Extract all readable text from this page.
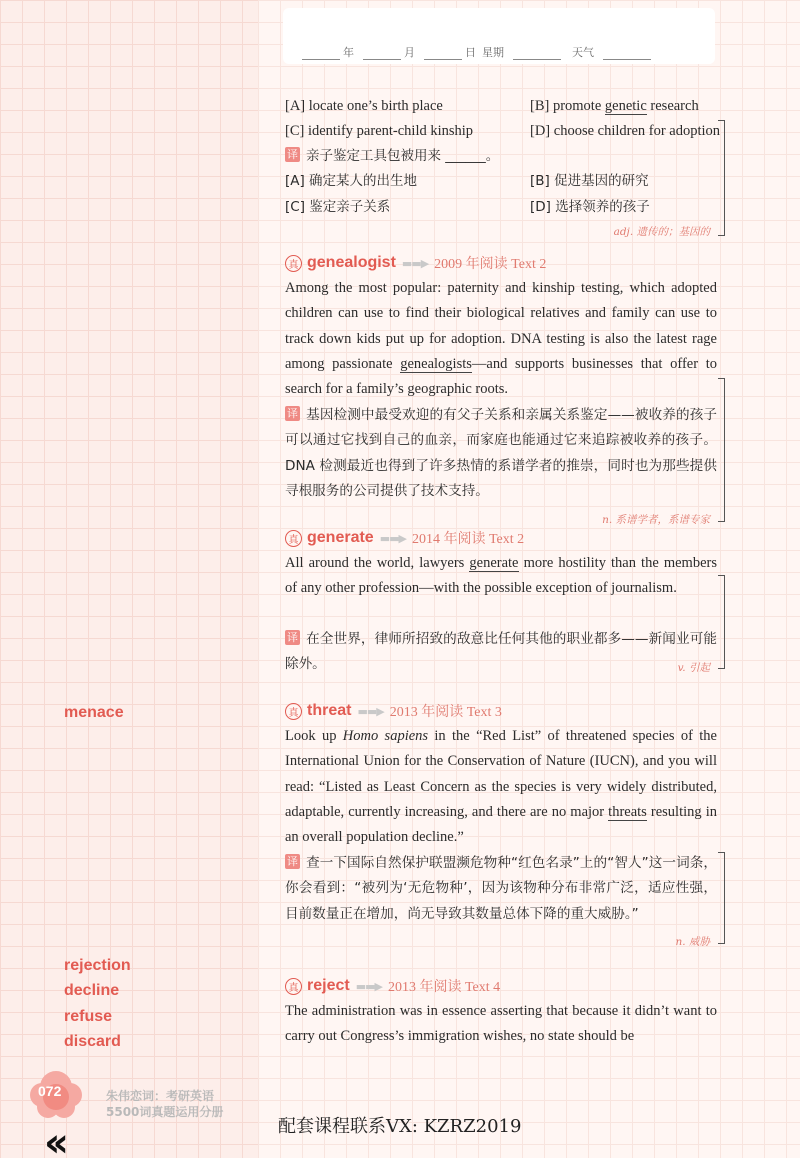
年	月	日 星期	天气
[A] locate one’s birth place	[B] promote genetic research
[C] identify parent-child kinship	[D] choose children for adoption
译 亲子鉴定工具包被用来 ______。
[A] 确定某人的出生地	[B] 促进基因的研究
[C] 鉴定亲子关系	[D] 选择领养的孩子
adj. 遗传的；基因的
真 genealogist ▬▬▶ 2009 年阅读 Text 2
Among the most popular: paternity and kinship testing, which adopted children can use to find their biological relatives and family can use to track down kids put up for adoption. DNA testing is also the latest rage among passionate genealogists—and supports businesses that offer to search for a family’s geographic roots.
译 基因检测中最受欢迎的有父子关系和亲属关系鉴定——被收养的孩子可以通过它找到自己的血亲，而家庭也能通过它来追踪被收养的孩子。DNA 检测最近也得到了许多热情的系谱学者的推崇，同时也为那些提供寻根服务的公司提供了技术支持。
n. 系谱学者，系谱专家
真 generate ▬▬▶ 2014 年阅读 Text 2
All around the world, lawyers generate more hostility than the members of any other profession—with the possible exception of journalism.
译 在全世界，律师所招致的敌意比任何其他的职业都多——新闻业可能除外。	v. 引起
menace	真 threat ▬▬▶ 2013 年阅读 Text 3
Look up Homo sapiens in the “Red List” of threatened species of the International Union for the Conservation of Nature (IUCN), and you will read: “Listed as Least Concern as the species is very widely distributed, adaptable, currently increasing, and there are no major threats resulting in an overall population decline.”
译 查一下国际自然保护联盟濒危物种“红色名录”上的“智人”这一词条，你会看到：“被列为‘无危物种’，因为该物种分布非常广泛，适应性强，目前数量正在增加，尚无导致其数量总体下降的重大威胁。”
n. 威胁
rejection
decline
refuse
discard
真 reject ▬▬▶ 2013 年阅读 Text 4
The administration was in essence asserting that because it didn’t want to carry out Congress’s immigration wishes, no state should be
072	朱伟恋词：考研英语
5500词真题运用分册
配套课程联系VX: KZRZ2019
‹‹
